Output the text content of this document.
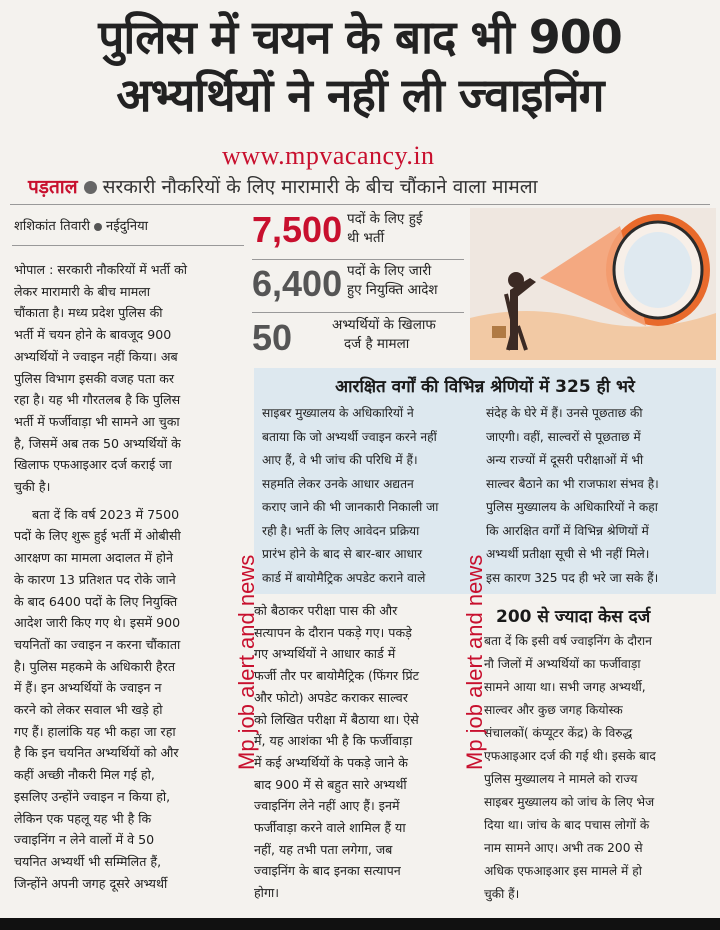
पुलिस में चयन के बाद भी 900
अभ्यर्थियों ने नहीं ली ज्वाइनिंग
www.mpvacancy.in
पड़ताल सरकारी नौकरियों के लिए मारामारी के बीच चौंकाने वाला मामला
शशिकांत तिवारी नईदुनिया	7,500 पदों के लिए हुई
थी भर्ती
6,400 पदों के लिए जारी
हुए नियुक्ति आदेश
50	अभ्यर्थियों के खिलाफ
दर्ज है मामला

भोपाल : सरकारी नौकरियों में भर्ती को

लेकर मारामारी के बीच मामला

चौंकाता है। मध्य प्रदेश पुलिस की

भर्ती में चयन होने के बावजूद 900

अभ्यर्थियों ने ज्वाइन नहीं किया। अब

पुलिस विभाग इसकी वजह पता कर

रहा है। यह भी गौरतलब है कि पुलिस

भर्ती में फर्जीवाड़ा भी सामने आ चुका

है, जिसमें अब तक 50 अभ्यर्थियों के

खिलाफ एफआइआर दर्ज कराई जा

चुकी है।

बता दें कि वर्ष 2023 में 7500

पदों के लिए शुरू हुई भर्ती में ओबीसी

आरक्षण का मामला अदालत में होने

के कारण 13 प्रतिशत पद रोके जाने

के बाद 6400 पदों के लिए नियुक्ति

आदेश जारी किए गए थे। इसमें 900

चयनितों का ज्वाइन न करना चौंकाता

है। पुलिस महकमे के अधिकारी हैरत

में हैं। इन अभ्यर्थियों के ज्वाइन न

करने को लेकर सवाल भी खड़े हो

गए हैं। हालांकि यह भी कहा जा रहा

है कि इन चयनित अभ्यर्थियों को और

कहीं अच्छी नौकरी मिल गई हो,

इसलिए उन्होंने ज्वाइन न किया हो,

लेकिन एक पहलू यह भी है कि

ज्वाइनिंग न लेने वालों में वे 50

चयनित अभ्यर्थी भी सम्मिलित हैं,

जिन्होंने अपनी जगह दूसरे अभ्यर्थी

आरक्षित वर्गों की विभिन्न श्रेणियों में 325 ही भरे

साइबर मुख्यालय के अधिकारियों ने

बताया कि जो अभ्यर्थी ज्वाइन करने नहीं

आए हैं, वे भी जांच की परिधि में हैं।

सहमति लेकर उनके आधार अद्यतन

कराए जाने की भी जानकारी निकाली जा

रही है। भर्ती के लिए आवेदन प्रक्रिया

प्रारंभ होने के बाद से बार-बार आधार

कार्ड में बायोमैट्रिक अपडेट कराने वाले

संदेह के घेरे में हैं। उनसे पूछताछ की

जाएगी। वहीं, साल्वरों से पूछताछ में

अन्य राज्यों में दूसरी परीक्षाओं में भी

साल्वर बैठाने का भी राजफाश संभव है।

पुलिस मुख्यालय के अधिकारियों ने कहा

कि आरक्षित वर्गों में विभिन्न श्रेणियों में

अभ्यर्थी प्रतीक्षा सूची से भी नहीं मिले।

इस कारण 325 पद ही भरे जा सके हैं।

को बैठाकर परीक्षा पास की और

सत्यापन के दौरान पकड़े गए। पकड़े

गए अभ्यर्थियों ने आधार कार्ड में

फर्जी तौर पर बायोमैट्रिक (फिंगर प्रिंट

और फोटो) अपडेट कराकर साल्वर

को लिखित परीक्षा में बैठाया था। ऐसे

में, यह आशंका भी है कि फर्जीवाड़ा

में कई अभ्यर्थियों के पकड़े जाने के

बाद 900 में से बहुत सारे अभ्यर्थी

ज्वाइनिंग लेने नहीं आए हैं। इनमें

फर्जीवाड़ा करने वाले शामिल हैं या

नहीं, यह तभी पता लगेगा, जब

ज्वाइनिंग के बाद इनका सत्यापन

होगा।

200 से ज्यादा केस दर्ज

बता दें कि इसी वर्ष ज्वाइनिंग के दौरान

नौ जिलों में अभ्यर्थियों का फर्जीवाड़ा

सामने आया था। सभी जगह अभ्यर्थी,

साल्वर और कुछ जगह कियोस्क

संचालकों( कंप्यूटर केंद्र) के विरुद्ध

एफआइआर दर्ज की गई थी। इसके बाद

पुलिस मुख्यालय ने मामले को राज्य

साइबर मुख्यालय को जांच के लिए भेज

दिया था। जांच के बाद पचास लोगों के

नाम सामने आए। अभी तक 200 से

अधिक एफआइआर इस मामले में हो

चुकी हैं।

Mp job alert and news	Mp job alert and news
